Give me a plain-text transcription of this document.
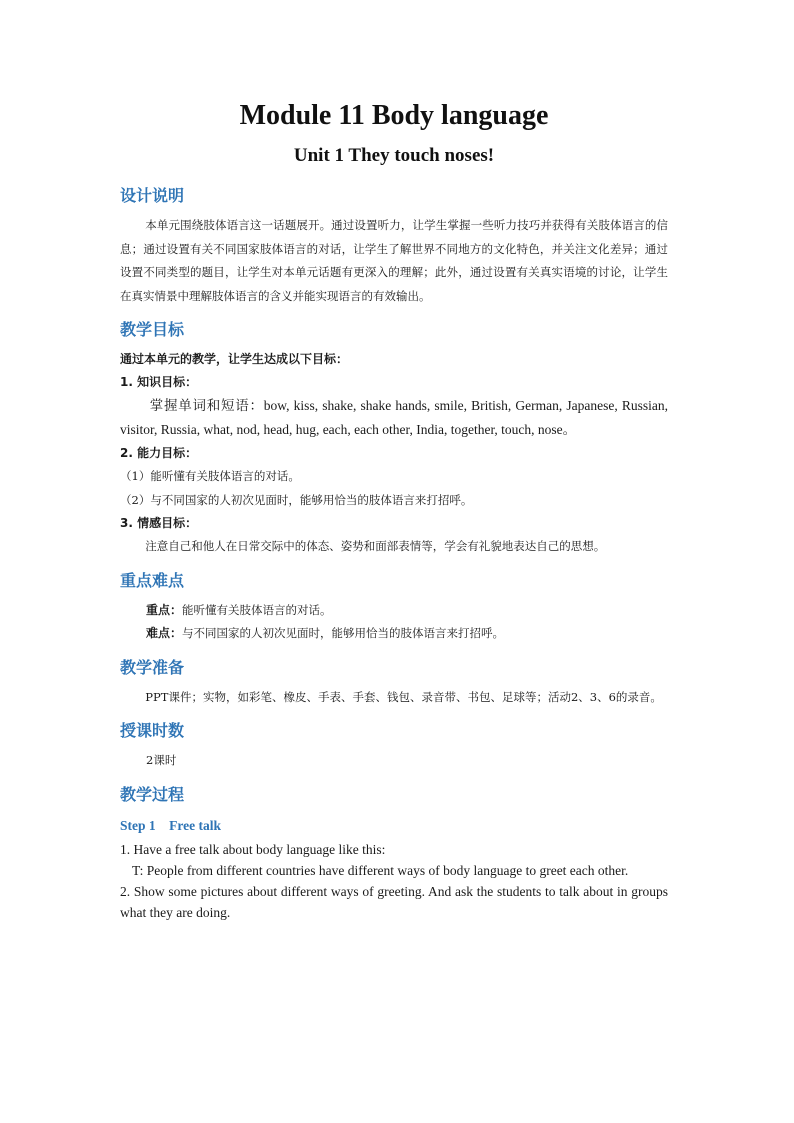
Module 11 Body language
Unit 1 They touch noses!
设计说明

本单元围绕肢体语言这一话题展开。通过设置听力，让学生掌握一些听力技巧并获得有关肢体语言的信息；通过设置有关不同国家肢体语言的对话，让学生了解世界不同地方的文化特色，并关注文化差异；通过设置不同类型的题目，让学生对本单元话题有更深入的理解；此外，通过设置有关真实语境的讨论，让学生在真实情景中理解肢体语言的含义并能实现语言的有效输出。

教学目标

通过本单元的教学，让学生达成以下目标：

1. 知识目标：

掌握单词和短语：bow, kiss, shake, shake hands, smile, British, German, Japanese, Russian, visitor, Russia, what, nod, head, hug, each, each other, India, together, touch, nose。

2. 能力目标：

（1）能听懂有关肢体语言的对话。

（2）与不同国家的人初次见面时，能够用恰当的肢体语言来打招呼。

3. 情感目标：

注意自己和他人在日常交际中的体态、姿势和面部表情等，学会有礼貌地表达自己的思想。

重点难点

重点：能听懂有关肢体语言的对话。

难点：与不同国家的人初次见面时，能够用恰当的肢体语言来打招呼。

教学准备

PPT课件；实物，如彩笔、橡皮、手表、手套、钱包、录音带、书包、足球等；活动2、3、6的录音。

授课时数

2课时

教学过程

Step 1    Free talk

1. Have a free talk about body language like this:

T: People from different countries have different ways of body language to greet each other.

2. Show some pictures about different ways of greeting. And ask the students to talk about in groups what they are doing.
